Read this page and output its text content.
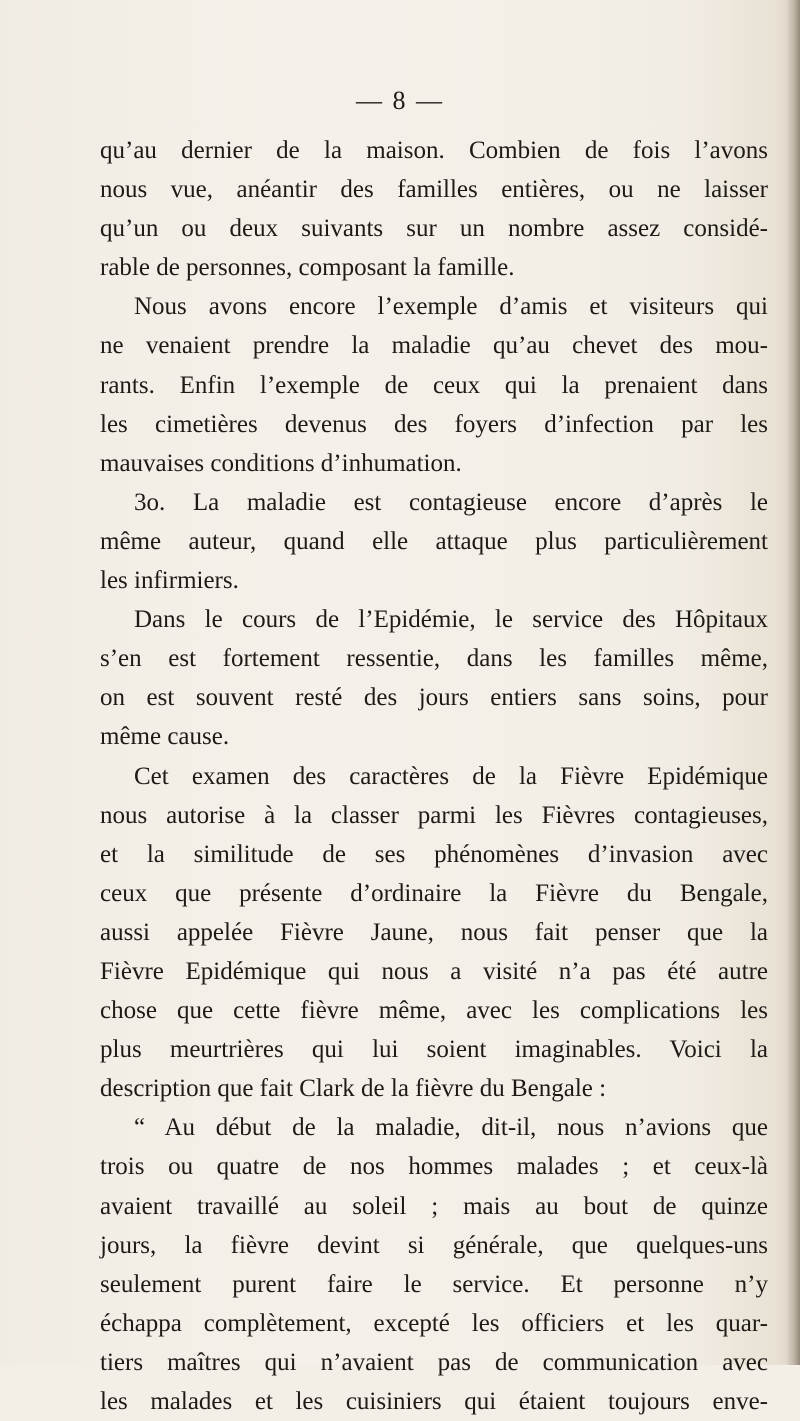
— 8 —
qu’au dernier de la maison. Combien de fois l’avons
nous vue, anéantir des familles entières, ou ne laisser
qu’un ou deux suivants sur un nombre assez considé-
rable de personnes, composant la famille.
Nous avons encore l’exemple d’amis et visiteurs qui
ne venaient prendre la maladie qu’au chevet des mou-
rants. Enfin l’exemple de ceux qui la prenaient dans
les cimetières devenus des foyers d’infection par les
mauvaises conditions d’inhumation.
3o. La maladie est contagieuse encore d’après le
même auteur, quand elle attaque plus particulièrement
les infirmiers.
Dans le cours de l’Epidémie, le service des Hôpitaux
s’en est fortement ressentie, dans les familles même,
on est souvent resté des jours entiers sans soins, pour
même cause.
Cet examen des caractères de la Fièvre Epidémique
nous autorise à la classer parmi les Fièvres contagieuses,
et la similitude de ses phénomènes d’invasion avec
ceux que présente d’ordinaire la Fièvre du Bengale,
aussi appelée Fièvre Jaune, nous fait penser que la
Fièvre Epidémique qui nous a visité n’a pas été autre
chose que cette fièvre même, avec les complications les
plus meurtrières qui lui soient imaginables. Voici la
description que fait Clark de la fièvre du Bengale :
“ Au début de la maladie, dit-il, nous n’avions que
trois ou quatre de nos hommes malades ; et ceux-là
avaient travaillé au soleil ; mais au bout de quinze
jours, la fièvre devint si générale, que quelques-uns
seulement purent faire le service. Et personne n’y
échappa complètement, excepté les officiers et les quar-
tiers maîtres qui n’avaient pas de communication avec
les malades et les cuisiniers qui étaient toujours enve-
